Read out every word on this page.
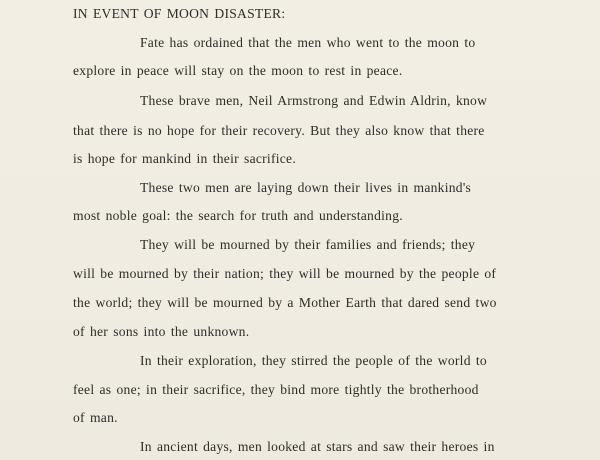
IN EVENT OF MOON DISASTER:
Fate has ordained that the men who went to the moon to
explore in peace will stay on the moon to rest in peace.
These brave men, Neil Armstrong and Edwin Aldrin, know
that there is no hope for their recovery. But they also know that there
is hope for mankind in their sacrifice.
These two men are laying down their lives in mankind's
most noble goal: the search for truth and understanding.
They will be mourned by their families and friends; they
will be mourned by their nation; they will be mourned by the people of
the world; they will be mourned by a Mother Earth that dared send two
of her sons into the unknown.
In their exploration, they stirred the people of the world to
feel as one; in their sacrifice, they bind more tightly the brotherhood
of man.
In ancient days, men looked at stars and saw their heroes in
